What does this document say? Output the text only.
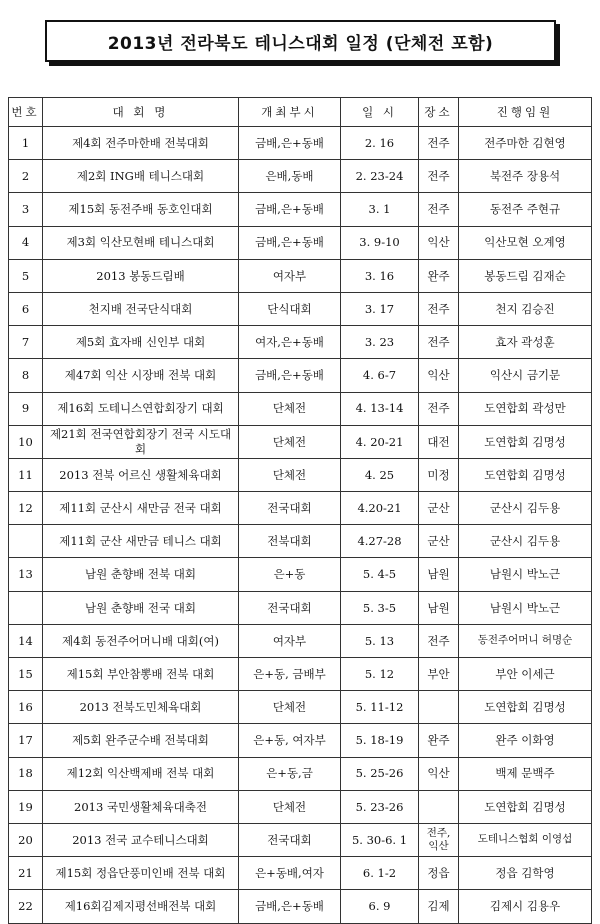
2013년 전라북도 테니스대회 일정 (단체전 포함)
번호	대 회 명	개최부시	일 시	장소	진행임원
1	제4회 전주마한배 전북대회	금배,은+동배	2. 16	전주	전주마한 김현영
2	제2회 ING배 테니스대회	은배,동배	2. 23-24	전주	북전주 장용석
3	제15회 동전주배 동호인대회	금배,은+동배	3. 1	전주	동전주 주현규
4	제3회 익산모현배 테니스대회	금배,은+동배	3. 9-10	익산	익산모현 오계영
5	2013 봉동드림배	여자부	3. 16	완주	봉동드림 김재순
6	천지배 전국단식대회	단식대회	3. 17	전주	천지 김승진
7	제5회 효자배 신인부 대회	여자,은+동배	3. 23	전주	효자 곽성훈
8	제47회 익산 시장배 전북 대회	금배,은+동배	4. 6-7	익산	익산시 금기문
9	제16회 도테니스연합회장기 대회	단체전	4. 13-14	전주	도연합회 곽성만
10	제21회 전국연합회장기 전국 시도대회	단체전	4. 20-21	대전	도연합회 김명성
11	2013 전북 어르신 생활체육대회	단체전	4. 25	미정	도연합회 김명성
12	제11회 군산시 새만금 전국 대회	전국대회	4.20-21	군산	군산시 김두용
	제11회 군산 새만금 테니스 대회	전북대회	4.27-28	군산	군산시 김두용
13	남원 춘향배 전북 대회	은+동	5. 4-5	남원	남원시 박노근
	남원 춘향배 전국 대회	전국대회	5. 3-5	남원	남원시 박노근
14	제4회 동전주어머니배 대회(여)	여자부	5. 13	전주	동전주어머니 허명순
15	제15회 부안참뽕배 전북 대회	은+동, 금배부	5. 12	부안	부안 이세근
16	2013 전북도민체육대회	단체전	5. 11-12		도연합회 김명성
17	제5회 완주군수배 전북대회	은+동, 여자부	5. 18-19	완주	완주 이화영
18	제12회 익산백제배 전북 대회	은+동,금	5. 25-26	익산	백제 문백주
19	2013 국민생활체육대축전	단체전	5. 23-26		도연합회 김명성
20	2013 전국 교수테니스대회	전국대회	5. 30-6. 1	전주, 익산	도테니스협회 이영섭
21	제15회 정읍단풍미인배 전북 대회	은+동배,여자	6. 1-2	정읍	정읍 김학영
22	제16회김제지평선배전북 대회	금배,은+동배	6. 9	김제	김제시 김용우
